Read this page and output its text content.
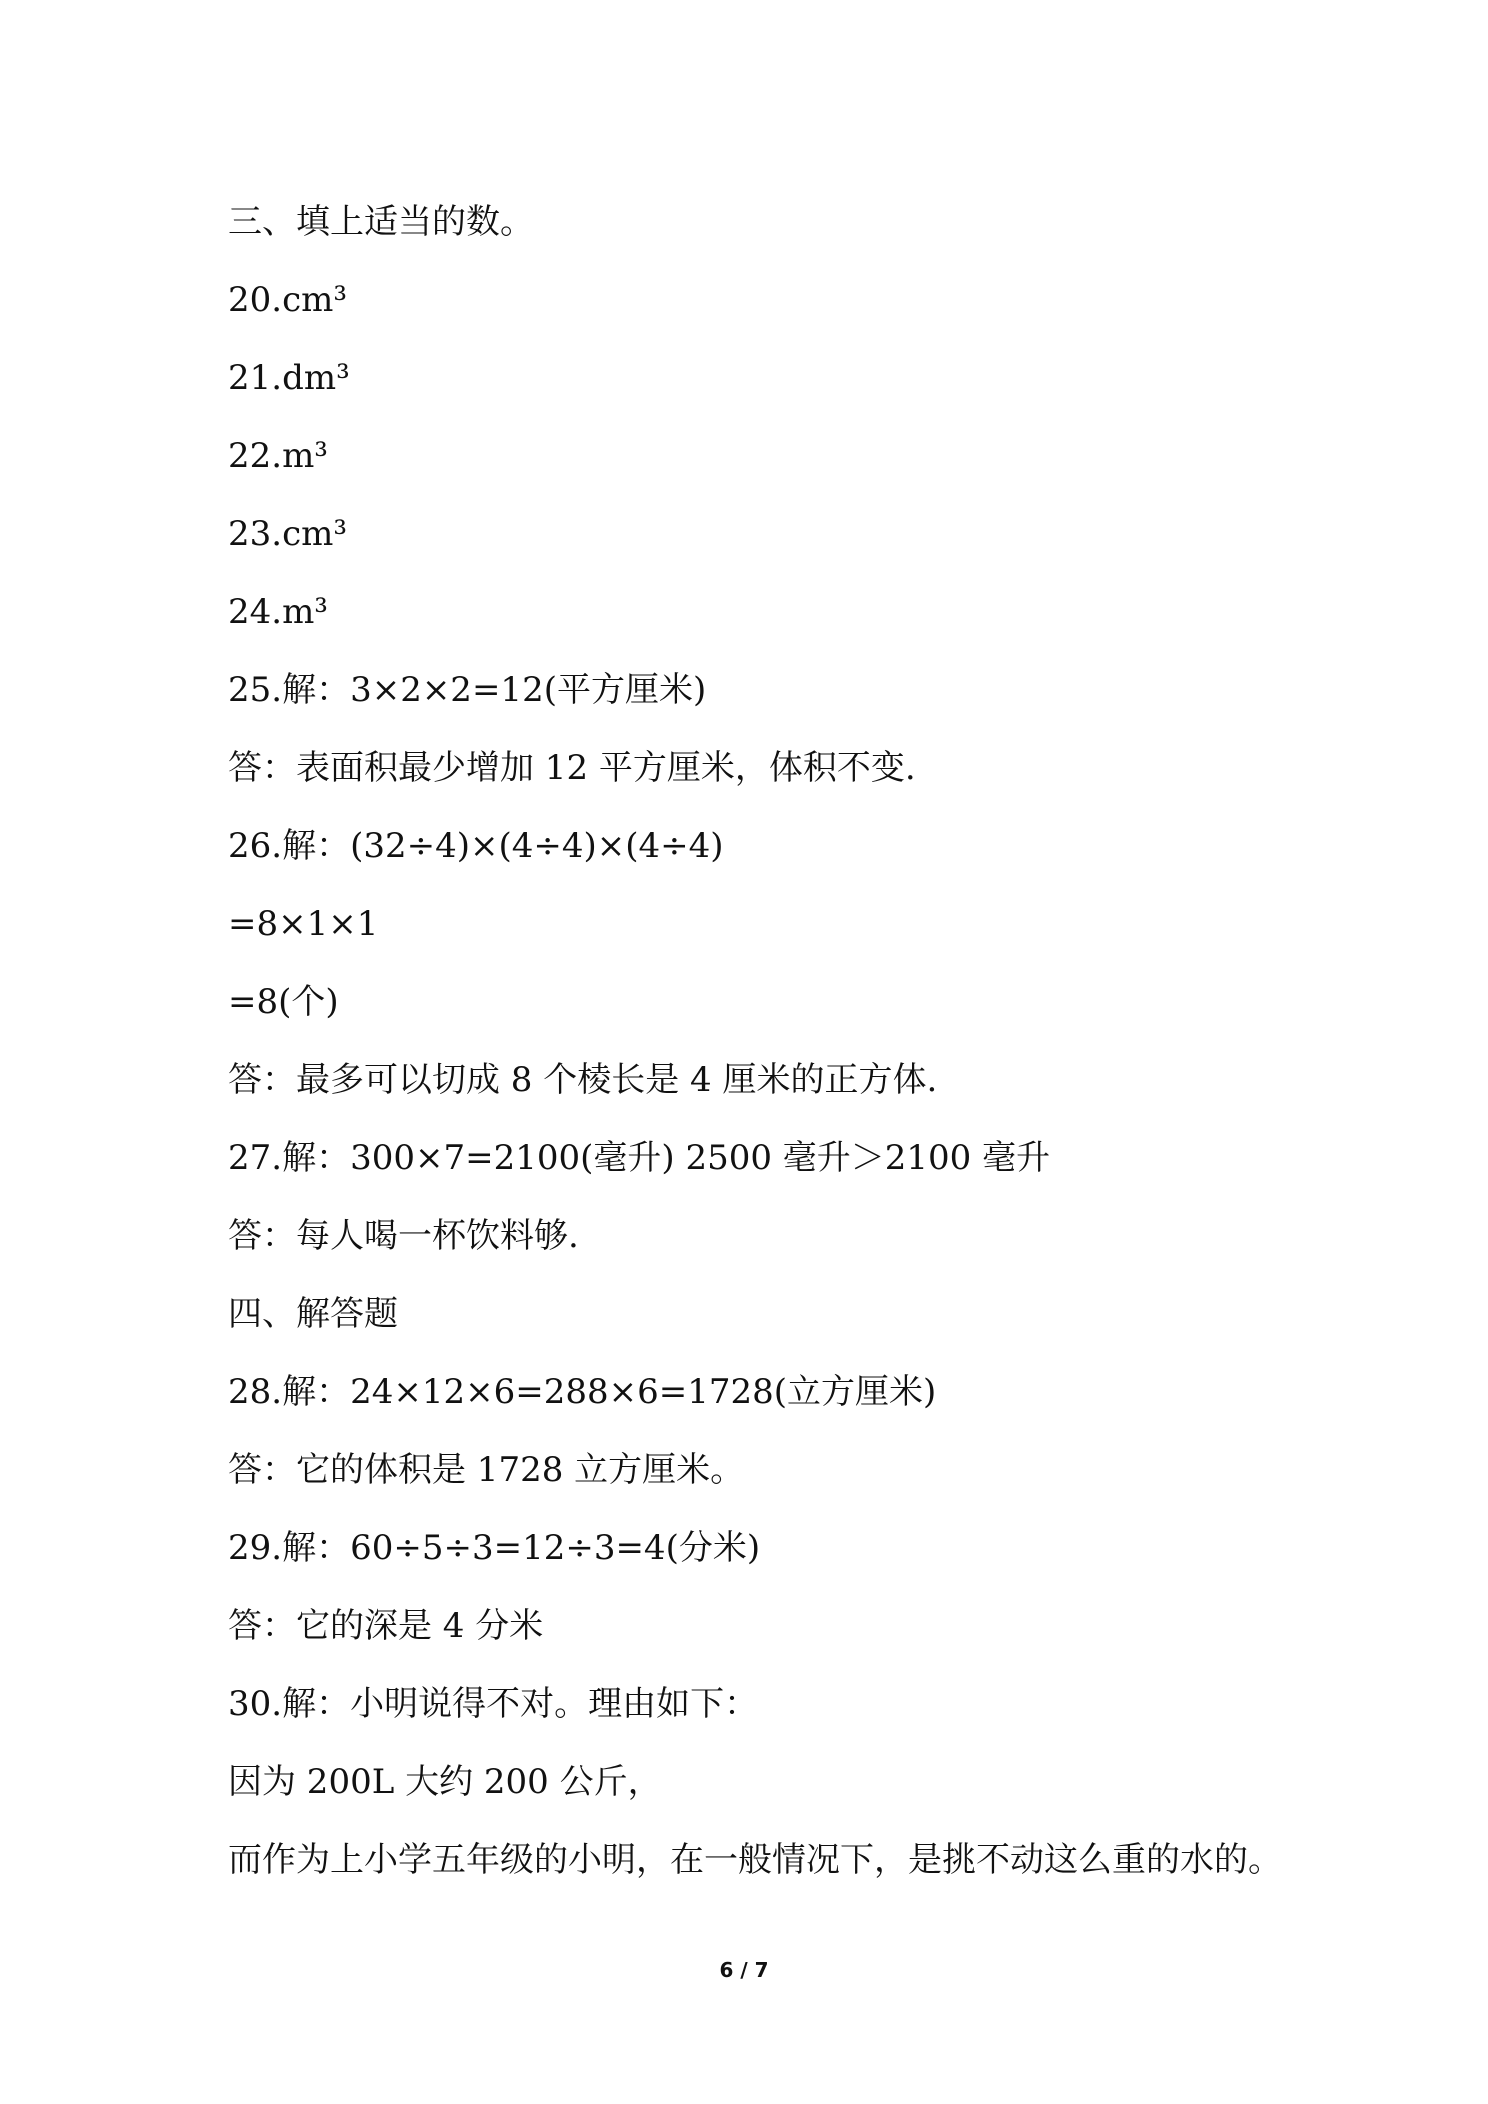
三、填上适当的数。
20.cm³
21.dm³
22.m³
23.cm³
24.m³
25.解：3×2×2=12(平方厘米)
答：表面积最少增加 12 平方厘米，体积不变.
26.解：(32÷4)×(4÷4)×(4÷4)
=8×1×1
=8(个)
答：最多可以切成 8 个棱长是 4 厘米的正方体.
27.解：300×7=2100(毫升) 2500 毫升＞2100 毫升
答：每人喝一杯饮料够.
四、解答题
28.解：24×12×6=288×6=1728(立方厘米)
答：它的体积是 1728 立方厘米。
29.解：60÷5÷3=12÷3=4(分米)
答：它的深是 4 分米
30.解：小明说得不对。理由如下：
因为 200L 大约 200 公斤，
而作为上小学五年级的小明，在一般情况下，是挑不动这么重的水的。
6 / 7
